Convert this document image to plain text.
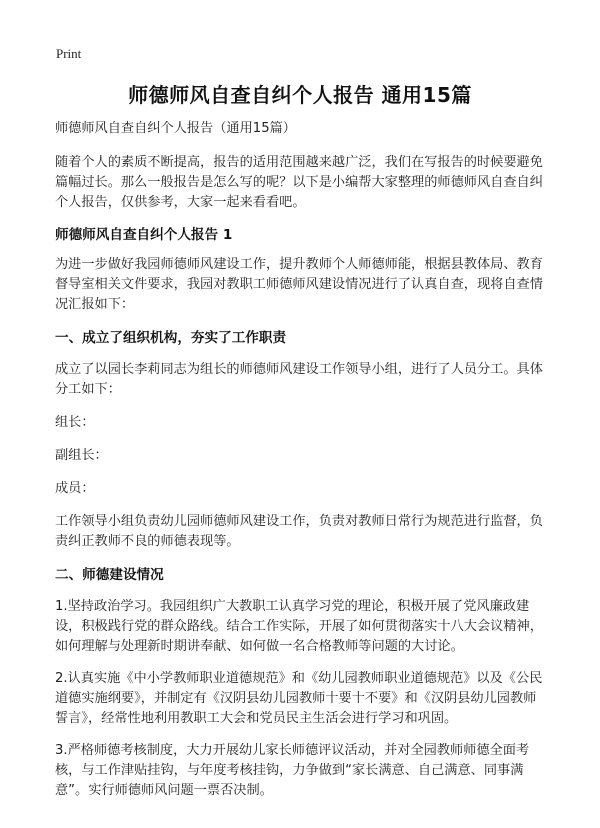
Print
师德师风自查自纠个人报告 通用15篇

师德师风自查自纠个人报告（通用15篇）

随着个人的素质不断提高，报告的适用范围越来越广泛，我们在写报告的时候要避免篇幅过长。那么一般报告是怎么写的呢？以下是小编帮大家整理的师德师风自查自纠个人报告，仅供参考，大家一起来看看吧。

师德师风自查自纠个人报告 1

为进一步做好我园师德师风建设工作，提升教师个人师德师能，根据县教体局、教育督导室相关文件要求，我园对教职工师德师风建设情况进行了认真自查，现将自查情况汇报如下：

一、成立了组织机构，夯实了工作职责

成立了以园长李莉同志为组长的师德师风建设工作领导小组，进行了人员分工。具体分工如下：

组长：

副组长：

成员：

工作领导小组负责幼儿园师德师风建设工作，负责对教师日常行为规范进行监督，负责纠正教师不良的师德表现等。

二、师德建设情况

1.坚持政治学习。我园组织广大教职工认真学习党的理论，积极开展了党风廉政建设，积极践行党的群众路线。结合工作实际，开展了如何贯彻落实十八大会议精神，如何理解与处理新时期讲奉献、如何做一名合格教师等问题的大讨论。

2.认真实施《中小学教师职业道德规范》和《幼儿园教师职业道德规范》以及《公民道德实施纲要》，并制定有《汉阴县幼儿园教师十要十不要》和《汉阴县幼儿园教师誓言》，经常性地利用教职工大会和党员民主生活会进行学习和巩固。

3.严格师德考核制度，大力开展幼儿家长师德评议活动，并对全园教师师德全面考核，与工作津贴挂钩，与年度考核挂钩，力争做到“家长满意、自己满意、同事满意”。实行师德师风问题一票否决制。
